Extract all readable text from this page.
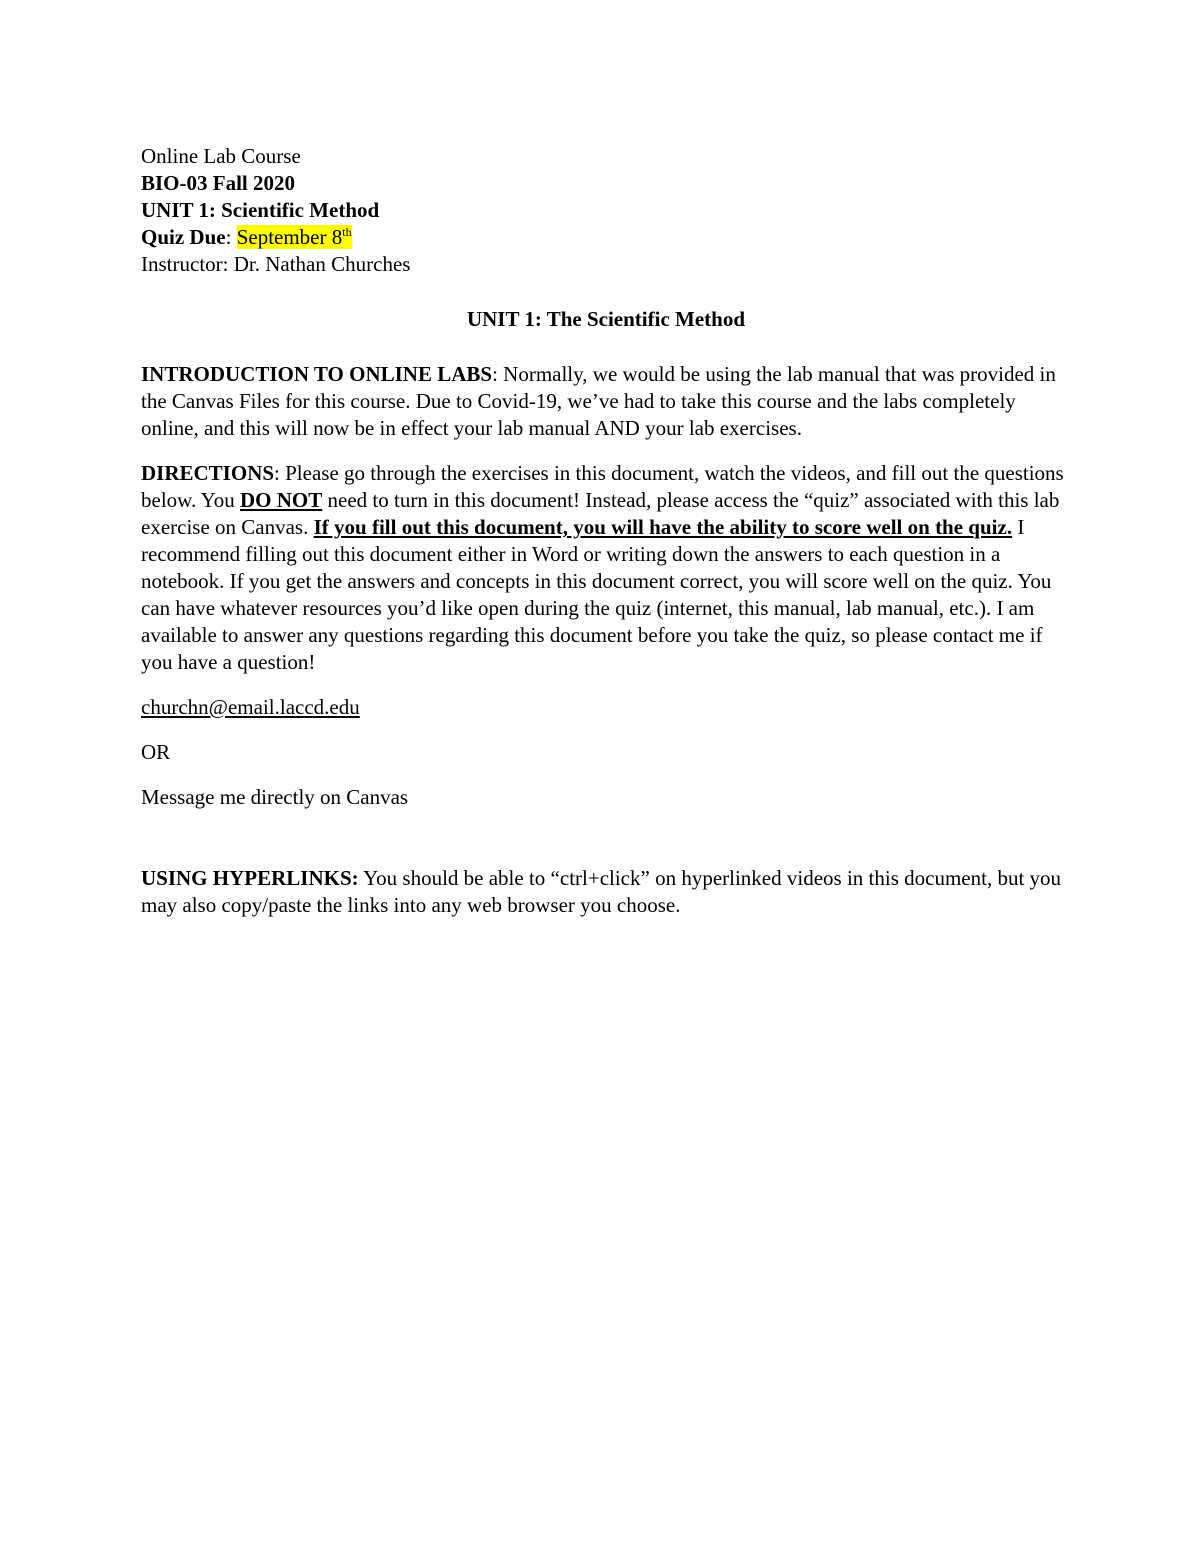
Online Lab Course
BIO-03 Fall 2020
UNIT 1: Scientific Method
Quiz Due: September 8th
Instructor: Dr. Nathan Churches
UNIT 1: The Scientific Method

INTRODUCTION TO ONLINE LABS: Normally, we would be using the lab manual that was provided in the Canvas Files for this course. Due to Covid-19, we’ve had to take this course and the labs completely online, and this will now be in effect your lab manual AND your lab exercises.

DIRECTIONS: Please go through the exercises in this document, watch the videos, and fill out the questions below. You DO NOT need to turn in this document! Instead, please access the “quiz” associated with this lab exercise on Canvas. If you fill out this document, you will have the ability to score well on the quiz. I recommend filling out this document either in Word or writing down the answers to each question in a notebook. If you get the answers and concepts in this document correct, you will score well on the quiz. You can have whatever resources you’d like open during the quiz (internet, this manual, lab manual, etc.). I am available to answer any questions regarding this document before you take the quiz, so please contact me if you have a question!

churchn@email.laccd.edu

OR

Message me directly on Canvas

USING HYPERLINKS: You should be able to “ctrl+click” on hyperlinked videos in this document, but you may also copy/paste the links into any web browser you choose.
